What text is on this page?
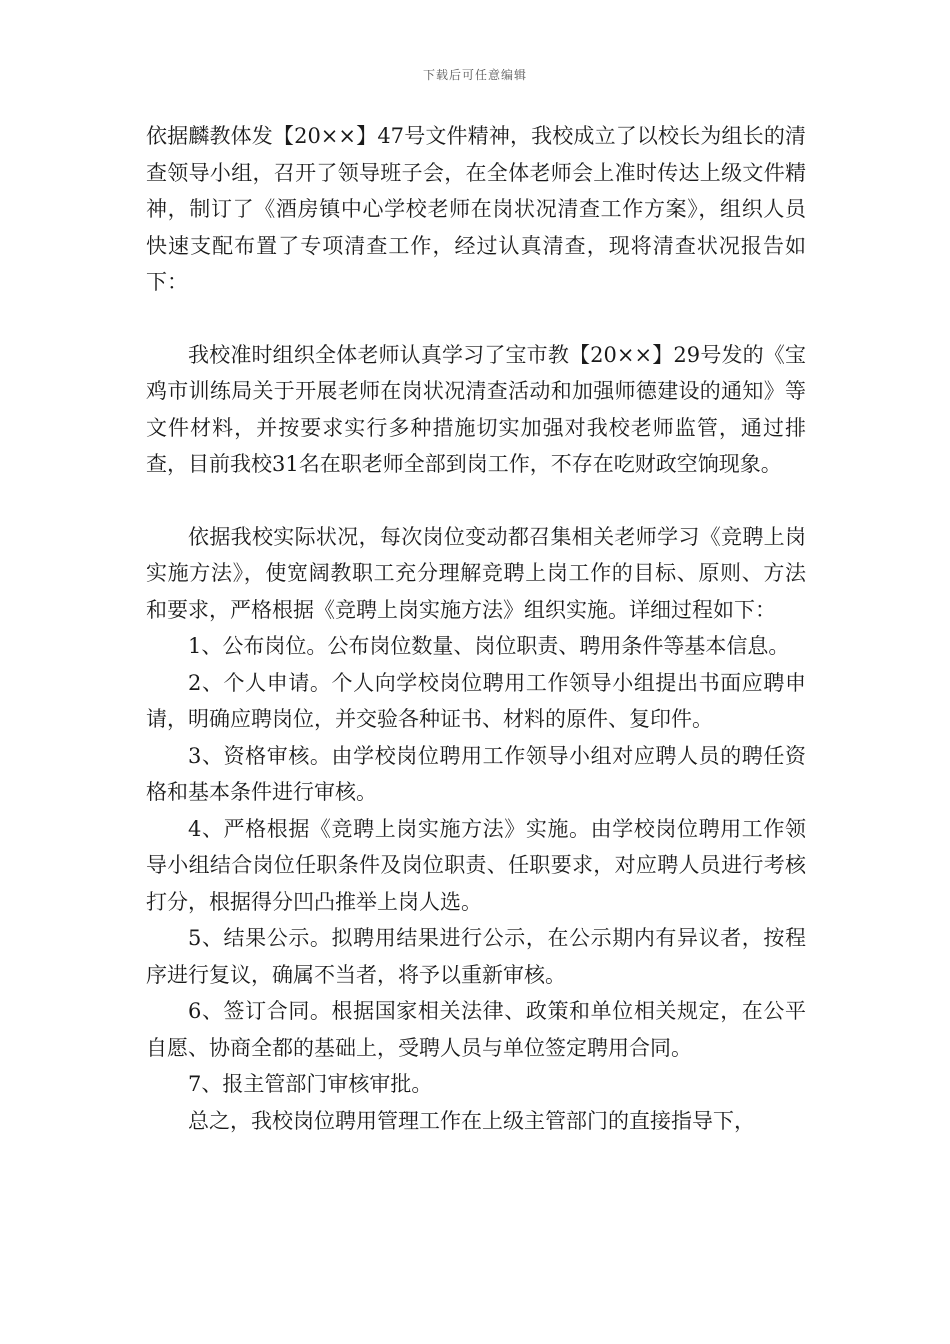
下载后可任意编辑

依据麟教体发【20××】47号文件精神，我校成立了以校长为组长的清查领导小组，召开了领导班子会，在全体老师会上准时传达上级文件精神，制订了《酒房镇中心学校老师在岗状况清查工作方案》，组织人员快速支配布置了专项清查工作，经过认真清查，现将清查状况报告如下：

我校准时组织全体老师认真学习了宝市教【20××】29号发的《宝鸡市训练局关于开展老师在岗状况清查活动和加强师德建设的通知》等文件材料，并按要求实行多种措施切实加强对我校老师监管，通过排查，目前我校31名在职老师全部到岗工作，不存在吃财政空饷现象。

依据我校实际状况，每次岗位变动都召集相关老师学习《竞聘上岗实施方法》，使宽阔教职工充分理解竞聘上岗工作的目标、原则、方法和要求，严格根据《竞聘上岗实施方法》组织实施。详细过程如下：

1、公布岗位。公布岗位数量、岗位职责、聘用条件等基本信息。

2、个人申请。个人向学校岗位聘用工作领导小组提出书面应聘申请，明确应聘岗位，并交验各种证书、材料的原件、复印件。

3、资格审核。由学校岗位聘用工作领导小组对应聘人员的聘任资格和基本条件进行审核。

4、严格根据《竞聘上岗实施方法》实施。由学校岗位聘用工作领导小组结合岗位任职条件及岗位职责、任职要求，对应聘人员进行考核打分，根据得分凹凸推举上岗人选。

5、结果公示。拟聘用结果进行公示，在公示期内有异议者，按程序进行复议，确属不当者，将予以重新审核。

6、签订合同。根据国家相关法律、政策和单位相关规定，在公平自愿、协商全都的基础上，受聘人员与单位签定聘用合同。

7、报主管部门审核审批。

总之，我校岗位聘用管理工作在上级主管部门的直接指导下，
